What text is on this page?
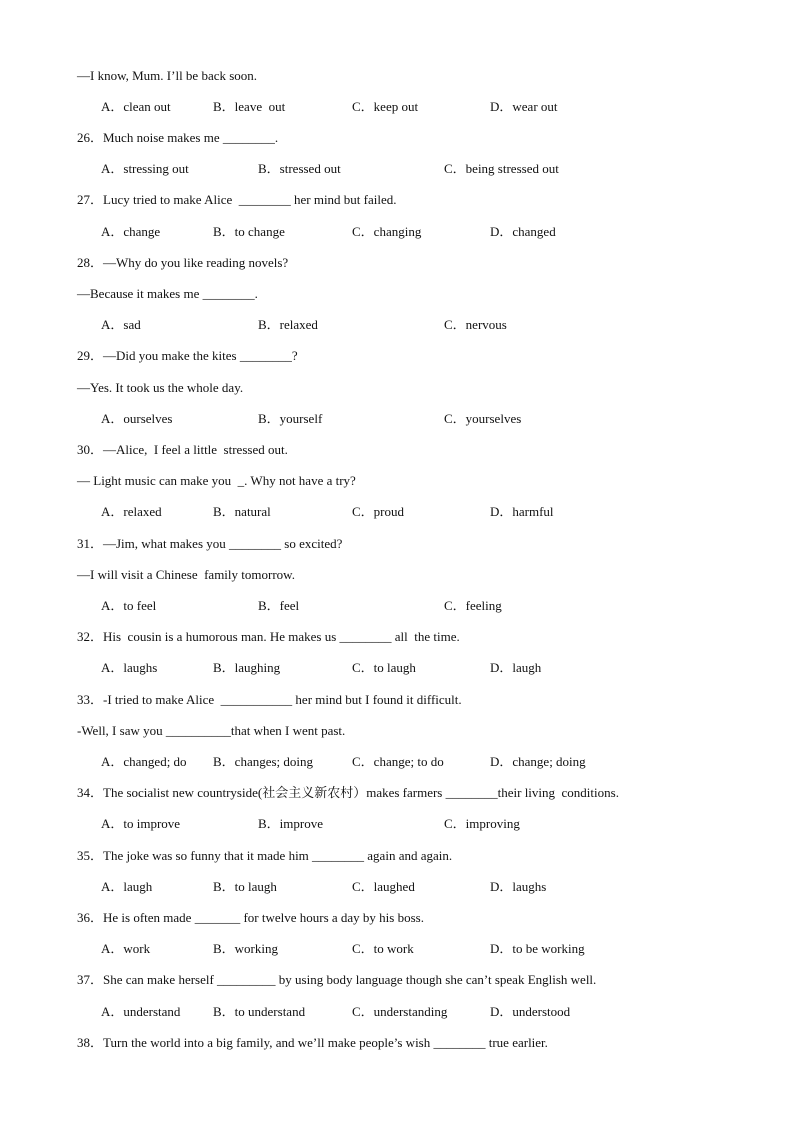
—I know, Mum. I’ll be back soon.
A．clean out	B．leave  out	C．keep out	D．wear out
26．Much noise makes me ________.
A．stressing out	B．stressed out	C．being stressed out
27．Lucy tried to make Alice  ________ her mind but failed.
A．change	B．to change	C．changing	D．changed
28．—Why do you like reading novels?
—Because it makes me ________.
A．sad	B．relaxed	C．nervous
29．—Did you make the kites ________?
—Yes. It took us the whole day.
A．ourselves	B．yourself	C．yourselves
30．—Alice,  I feel a little  stressed out.
— Light music can make you  _. Why not have a try?
A．relaxed	B．natural	C．proud	D．harmful
31．—Jim, what makes you ________ so excited?
—I will visit a Chinese  family tomorrow.
A．to feel	B．feel	C．feeling
32．His  cousin is a humorous man. He makes us ________ all  the time.
A．laughs	B．laughing	C．to laugh	D．laugh
33．-I tried to make Alice  ___________ her mind but I found it difficult.
-Well, I saw you __________that when I went past.
A．changed; do B．changes; doing	C．change; to do	D．change; doing
34．The socialist new countryside(社会主义新农村）makes farmers ________their living  conditions.
A．to improve	B．improve	C．improving
35．The joke was so funny that it made him ________ again and again.
A．laugh	B．to laugh	C．laughed	D．laughs
36．He is often made _______ for twelve hours a day by his boss.
A．work	B．working	C．to work	D．to be working
37．She can make herself _________ by using body language though she can’t speak English well.
A．understand	B．to understand	C．understanding	D．understood
38．Turn the world into a big family, and we’ll make people’s wish ________ true earlier.
